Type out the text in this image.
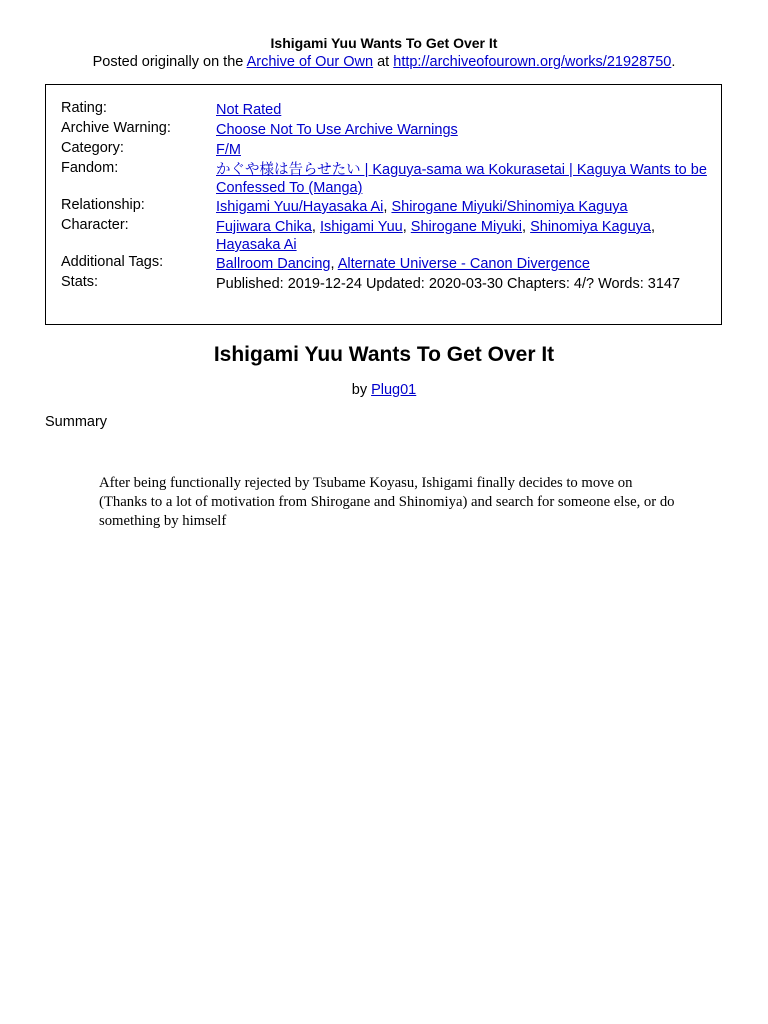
Ishigami Yuu Wants To Get Over It
Posted originally on the Archive of Our Own at http://archiveofourown.org/works/21928750.
Rating:	Not Rated
Archive Warning:	Choose Not To Use Archive Warnings
Category:	F/M
Fandom:	かぐや様は告らせたい | Kaguya-sama wa Kokurasetai | Kaguya Wants to be Confessed To (Manga)
Relationship:	Ishigami Yuu/Hayasaka Ai, Shirogane Miyuki/Shinomiya Kaguya
Character:	Fujiwara Chika, Ishigami Yuu, Shirogane Miyuki, Shinomiya Kaguya, Hayasaka Ai
Additional Tags:	Ballroom Dancing, Alternate Universe - Canon Divergence
Stats:	Published: 2019-12-24 Updated: 2020-03-30 Chapters: 4/? Words: 3147
Ishigami Yuu Wants To Get Over It
by Plug01
Summary
After being functionally rejected by Tsubame Koyasu, Ishigami finally decides to move on (Thanks to a lot of motivation from Shirogane and Shinomiya) and search for someone else, or do something by himself
